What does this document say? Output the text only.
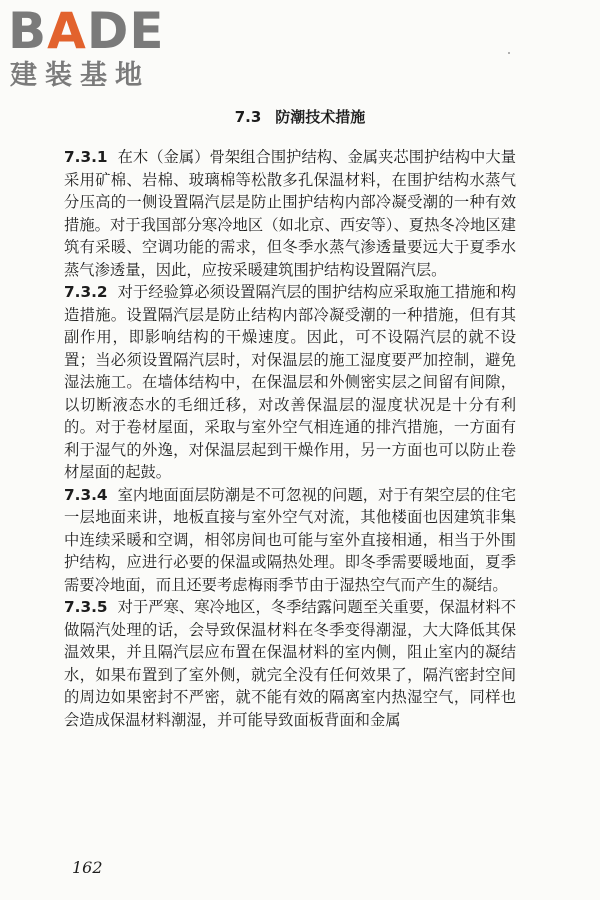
BADE
建装基地
7.3 防潮技术措施

7.3.1 在木（金属）骨架组合围护结构、金属夹芯围护结构中大量采用矿棉、岩棉、玻璃棉等松散多孔保温材料，在围护结构水蒸气分压高的一侧设置隔汽层是防止围护结构内部冷凝受潮的一种有效措施。对于我国部分寒冷地区（如北京、西安等）、夏热冬冷地区建筑有采暖、空调功能的需求，但冬季水蒸气渗透量要远大于夏季水蒸气渗透量，因此，应按采暖建筑围护结构设置隔汽层。

7.3.2 对于经验算必须设置隔汽层的围护结构应采取施工措施和构造措施。设置隔汽层是防止结构内部冷凝受潮的一种措施，但有其副作用，即影响结构的干燥速度。因此，可不设隔汽层的就不设置；当必须设置隔汽层时，对保温层的施工湿度要严加控制，避免湿法施工。在墙体结构中，在保温层和外侧密实层之间留有间隙，以切断液态水的毛细迁移，对改善保温层的湿度状况是十分有利的。对于卷材屋面，采取与室外空气相连通的排汽措施，一方面有利于湿气的外逸，对保温层起到干燥作用，另一方面也可以防止卷材屋面的起鼓。

7.3.4 室内地面面层防潮是不可忽视的问题，对于有架空层的住宅一层地面来讲，地板直接与室外空气对流，其他楼面也因建筑非集中连续采暖和空调，相邻房间也可能与室外直接相通，相当于外围护结构，应进行必要的保温或隔热处理。即冬季需要暖地面，夏季需要冷地面，而且还要考虑梅雨季节由于湿热空气而产生的凝结。

7.3.5 对于严寒、寒冷地区，冬季结露问题至关重要，保温材料不做隔汽处理的话，会导致保温材料在冬季变得潮湿，大大降低其保温效果，并且隔汽层应布置在保温材料的室内侧，阻止室内的凝结水，如果布置到了室外侧，就完全没有任何效果了，隔汽密封空间的周边如果密封不严密，就不能有效的隔离室内热湿空气，同样也会造成保温材料潮湿，并可能导致面板背面和金属

162
